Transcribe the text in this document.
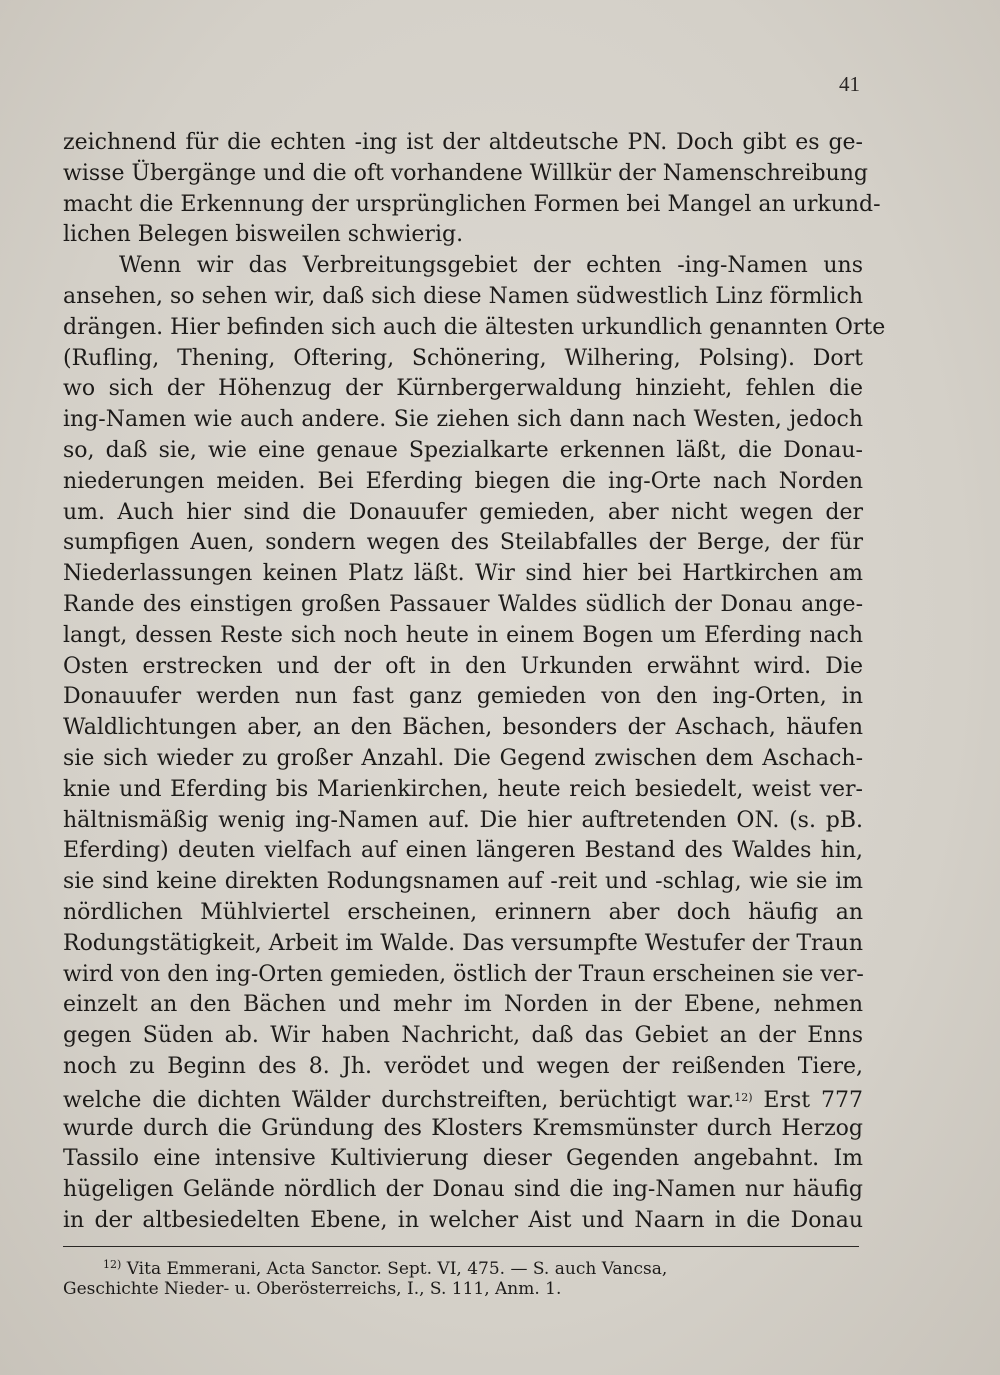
41
zeichnend für die echten -ing ist der altdeutsche PN. Doch gibt es ge-
wisse Übergänge und die oft vorhandene Willkür der Namenschreibung
macht die Erkennung der ursprünglichen Formen bei Mangel an urkund-
lichen Belegen bisweilen schwierig.
Wenn wir das Verbreitungsgebiet der echten -ing-Namen uns
ansehen, so sehen wir, daß sich diese Namen südwestlich Linz förmlich
drängen. Hier befinden sich auch die ältesten urkundlich genannten Orte
(Rufling, Thening, Oftering, Schönering, Wilhering, Polsing). Dort
wo sich der Höhenzug der Kürnbergerwaldung hinzieht, fehlen die
ing-Namen wie auch andere. Sie ziehen sich dann nach Westen, jedoch
so, daß sie, wie eine genaue Spezialkarte erkennen läßt, die Donau-
niederungen meiden. Bei Eferding biegen die ing-Orte nach Norden
um. Auch hier sind die Donauufer gemieden, aber nicht wegen der
sumpfigen Auen, sondern wegen des Steilabfalles der Berge, der für
Niederlassungen keinen Platz läßt. Wir sind hier bei Hartkirchen am
Rande des einstigen großen Passauer Waldes südlich der Donau ange-
langt, dessen Reste sich noch heute in einem Bogen um Eferding nach
Osten erstrecken und der oft in den Urkunden erwähnt wird. Die
Donauufer werden nun fast ganz gemieden von den ing-Orten, in
Waldlichtungen aber, an den Bächen, besonders der Aschach, häufen
sie sich wieder zu großer Anzahl. Die Gegend zwischen dem Aschach-
knie und Eferding bis Marienkirchen, heute reich besiedelt, weist ver-
hältnismäßig wenig ing-Namen auf. Die hier auftretenden ON. (s. pB.
Eferding) deuten vielfach auf einen längeren Bestand des Waldes hin,
sie sind keine direkten Rodungsnamen auf -reit und -schlag, wie sie im
nördlichen Mühlviertel erscheinen, erinnern aber doch häufig an
Rodungstätigkeit, Arbeit im Walde. Das versumpfte Westufer der Traun
wird von den ing-Orten gemieden, östlich der Traun erscheinen sie ver-
einzelt an den Bächen und mehr im Norden in der Ebene, nehmen
gegen Süden ab. Wir haben Nachricht, daß das Gebiet an der Enns
noch zu Beginn des 8. Jh. verödet und wegen der reißenden Tiere,
welche die dichten Wälder durchstreiften, berüchtigt war.$^{12)}$ Erst 777
wurde durch die Gründung des Klosters Kremsmünster durch Herzog
Tassilo eine intensive Kultivierung dieser Gegenden angebahnt. Im
hügeligen Gelände nördlich der Donau sind die ing-Namen nur häufig
in der altbesiedelten Ebene, in welcher Aist und Naarn in die Donau
$^{12)}$ Vita Emmerani, Acta Sanctor. Sept. VI, 475. — S. auch Vancsa,
Geschichte Nieder- u. Oberösterreichs, I., S. 111, Anm. 1.
